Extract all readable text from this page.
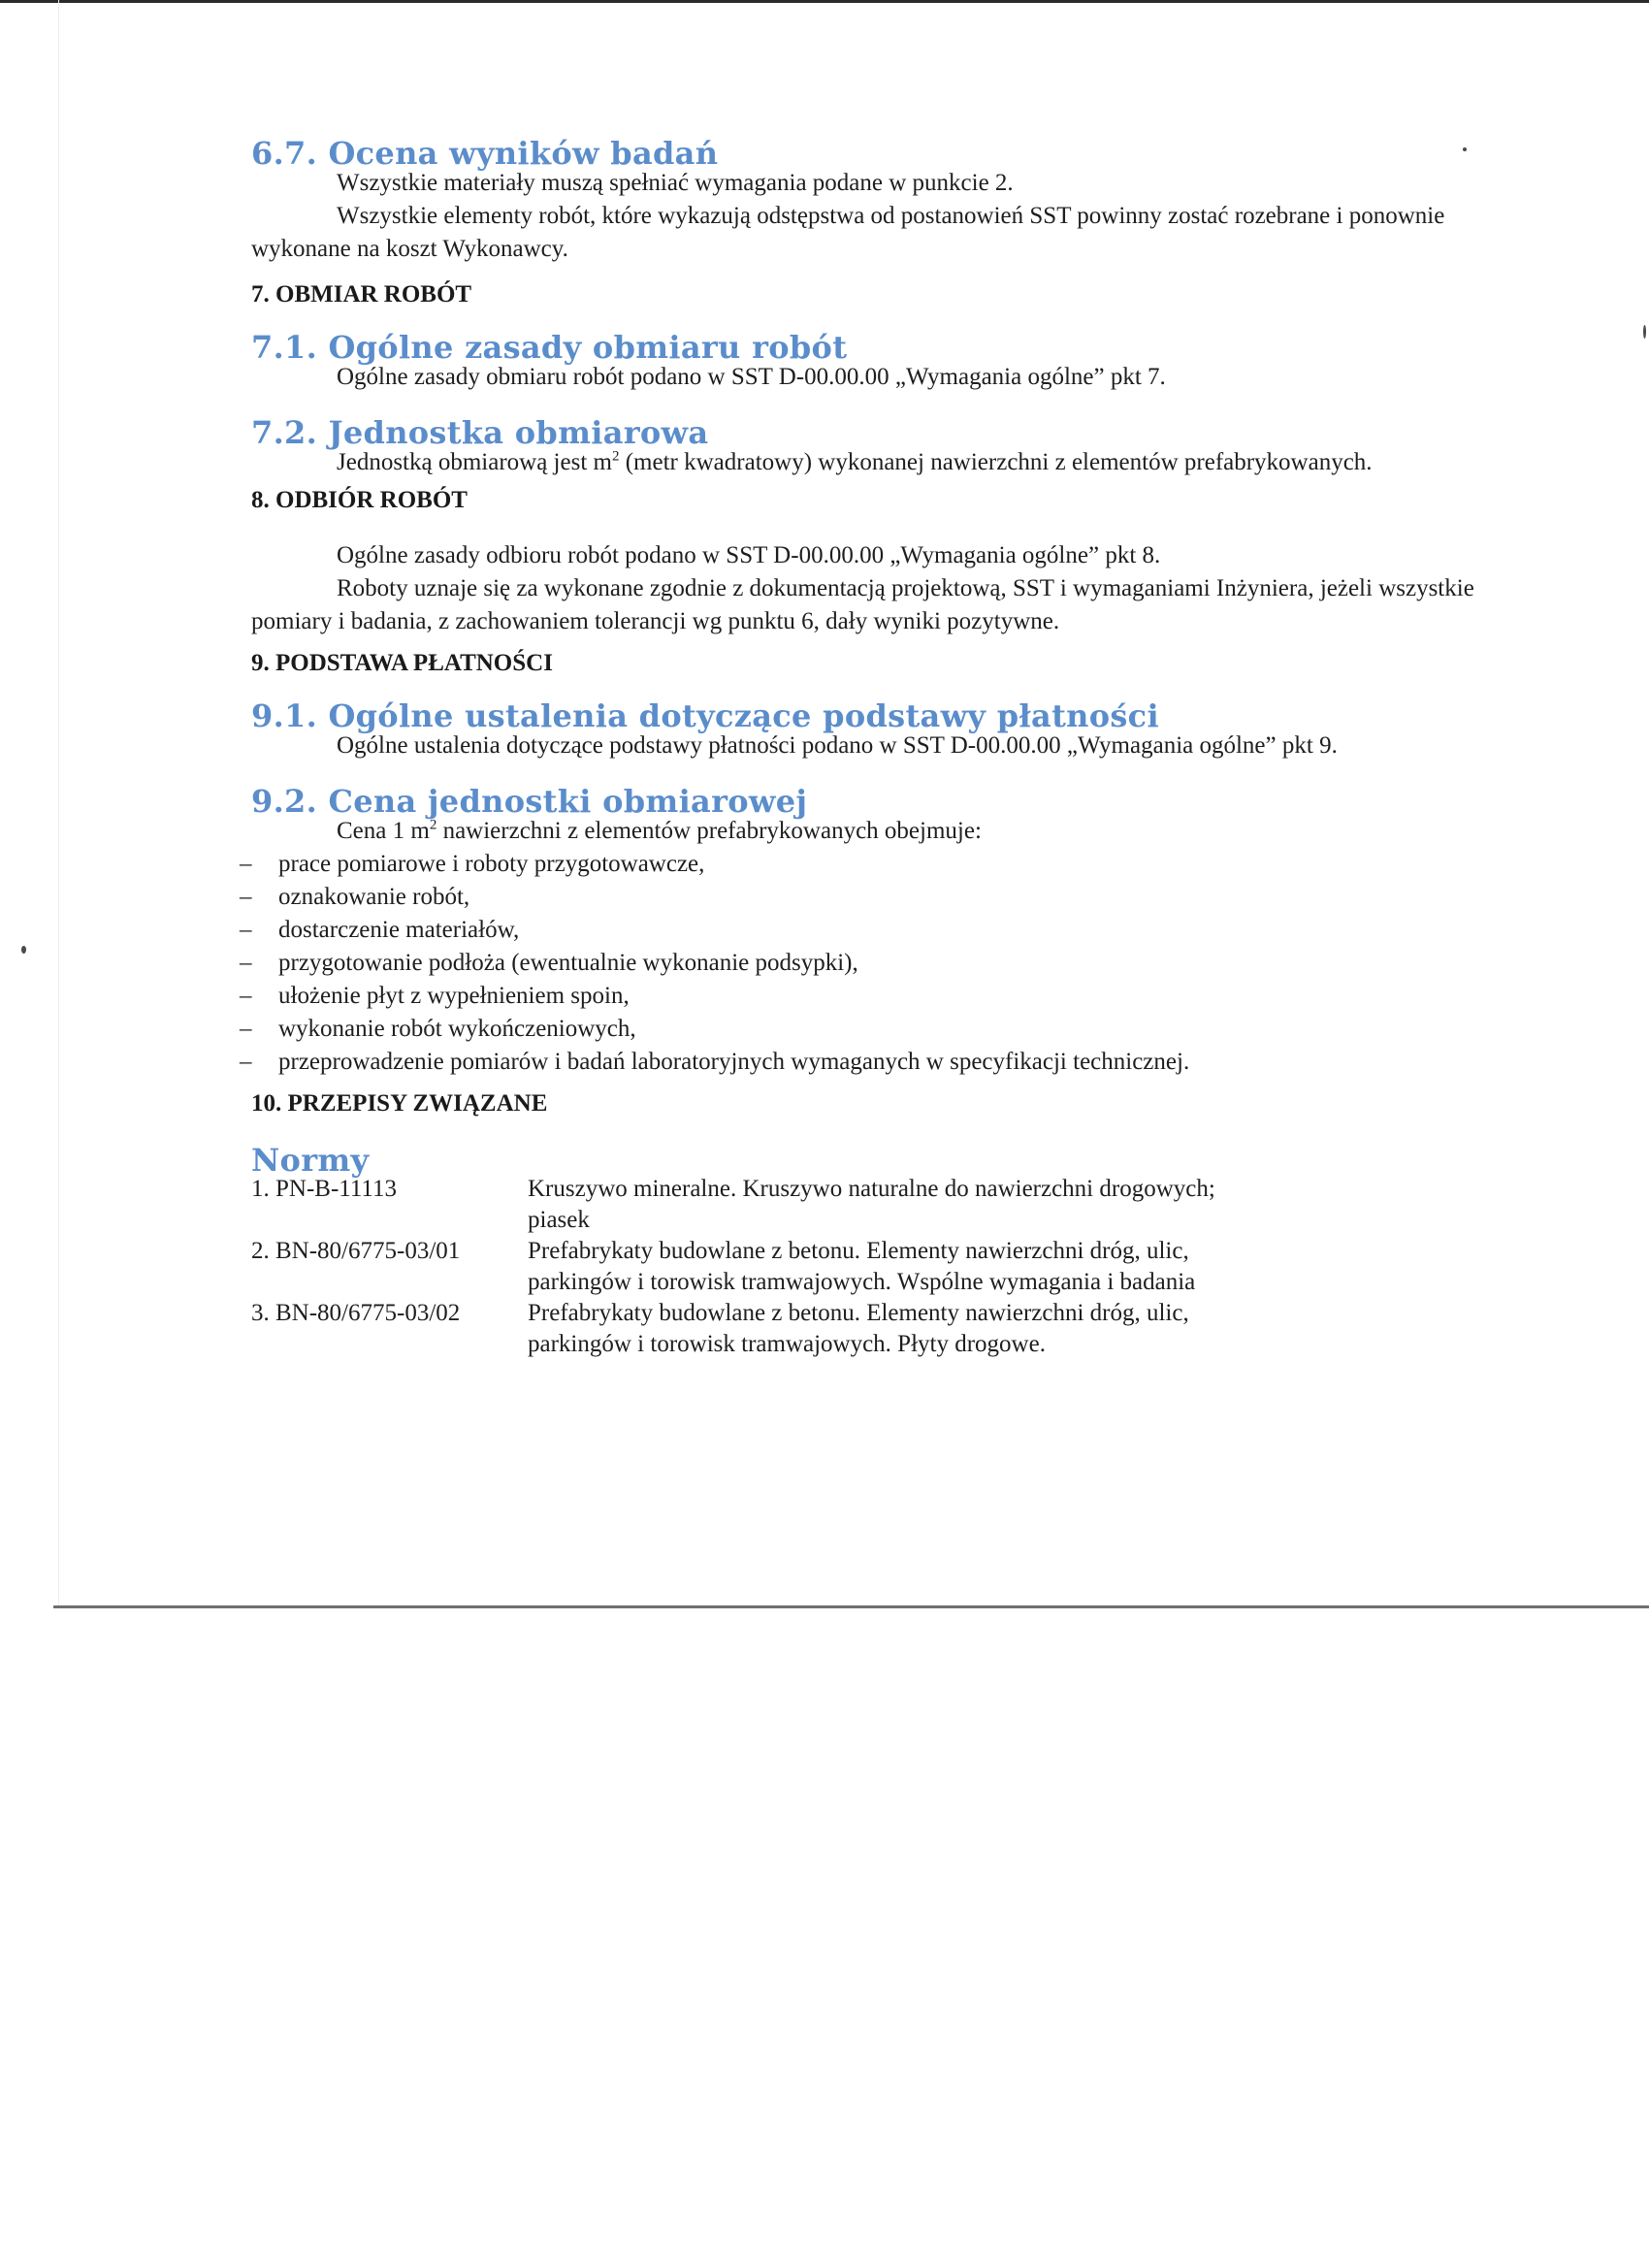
6.7. Ocena wyników badań

Wszystkie materiały muszą spełniać wymagania podane w punkcie 2.

Wszystkie elementy robót, które wykazują odstępstwa od postanowień SST powinny zostać rozebrane i ponownie wykonane na koszt Wykonawcy.

7. OBMIAR ROBÓT
7.1. Ogólne zasady obmiaru robót

Ogólne zasady obmiaru robót podano w SST D-00.00.00 „Wymagania ogólne” pkt 7.

7.2. Jednostka obmiarowa

Jednostką obmiarową jest $m^2$ (metr kwadratowy) wykonanej nawierzchni z elementów prefabrykowanych.

8. ODBIÓR ROBÓT

Ogólne zasady odbioru robót podano w SST D-00.00.00 „Wymagania ogólne” pkt 8.

Roboty uznaje się za wykonane zgodnie z dokumentacją projektową, SST i wymaganiami Inżyniera, jeżeli wszystkie pomiary i badania, z zachowaniem tolerancji wg punktu 6, dały wyniki pozytywne.

9. PODSTAWA PŁATNOŚCI
9.1. Ogólne ustalenia dotyczące podstawy płatności

Ogólne ustalenia dotyczące podstawy płatności podano w SST D-00.00.00 „Wymagania ogólne” pkt 9.

9.2. Cena jednostki obmiarowej

Cena 1 $m^2$ nawierzchni z elementów prefabrykowanych obejmuje:

–	prace pomiarowe i roboty przygotowawcze,
–	oznakowanie robót,
–	dostarczenie materiałów,
–	przygotowanie podłoża (ewentualnie wykonanie podsypki),
–	ułożenie płyt z wypełnieniem spoin,
–	wykonanie robót wykończeniowych,
–	przeprowadzenie pomiarów i badań laboratoryjnych wymaganych w specyfikacji technicznej.
10. PRZEPISY ZWIĄZANE
Normy
1. PN-B-11113	Kruszywo mineralne. Kruszywo naturalne do nawierzchni drogowych; piasek
2. BN-80/6775-03/01	Prefabrykaty budowlane z betonu. Elementy nawierzchni dróg, ulic, parkingów i torowisk tramwajowych. Wspólne wymagania i badania
3. BN-80/6775-03/02	Prefabrykaty budowlane z betonu. Elementy nawierzchni dróg, ulic, parkingów i torowisk tramwajowych. Płyty drogowe.
